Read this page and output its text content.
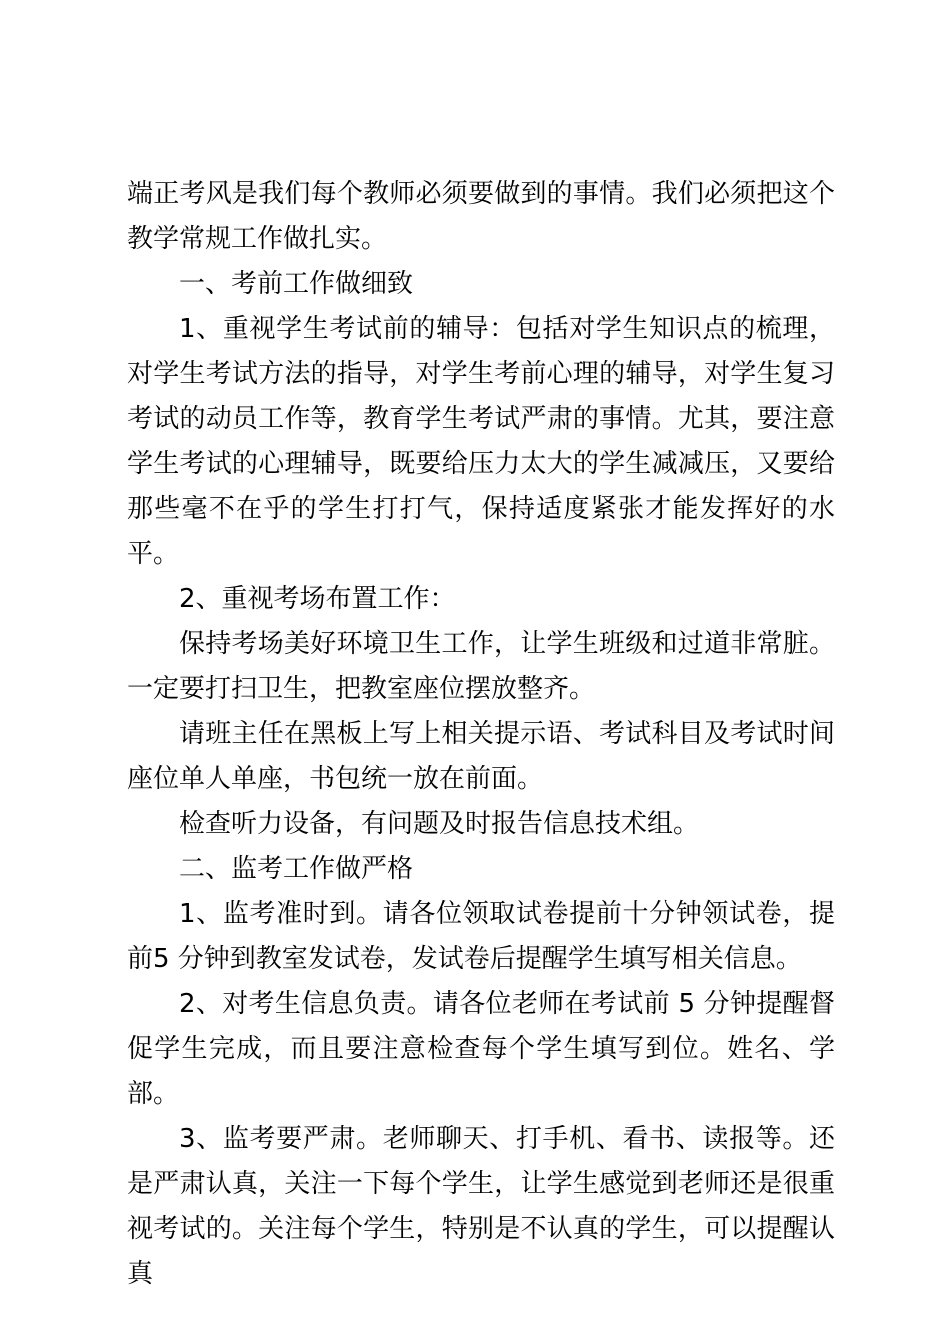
端正考风是我们每个教师必须要做到的事情。我们必须把这个教学常规工作做扎实。

一、考前工作做细致

1、重视学生考试前的辅导：包括对学生知识点的梳理，对学生考试方法的指导，对学生考前心理的辅导，对学生复习考试的动员工作等，教育学生考试严肃的事情。尤其，要注意学生考试的心理辅导，既要给压力太大的学生减减压，又要给那些毫不在乎的学生打打气，保持适度紧张才能发挥好的水平。

2、重视考场布置工作：

保持考场美好环境卫生工作，让学生班级和过道非常脏。一定要打扫卫生，把教室座位摆放整齐。

请班主任在黑板上写上相关提示语、考试科目及考试时间座位单人单座，书包统一放在前面。

检查听力设备，有问题及时报告信息技术组。

二、监考工作做严格

1、监考准时到。请各位领取试卷提前十分钟领试卷，提前5 分钟到教室发试卷，发试卷后提醒学生填写相关信息。

2、对考生信息负责。请各位老师在考试前 5 分钟提醒督促学生完成，而且要注意检查每个学生填写到位。姓名、学部。

3、监考要严肃。老师聊天、打手机、看书、读报等。还是严肃认真，关注一下每个学生，让学生感觉到老师还是很重视考试的。关注每个学生，特别是不认真的学生，可以提醒认真
